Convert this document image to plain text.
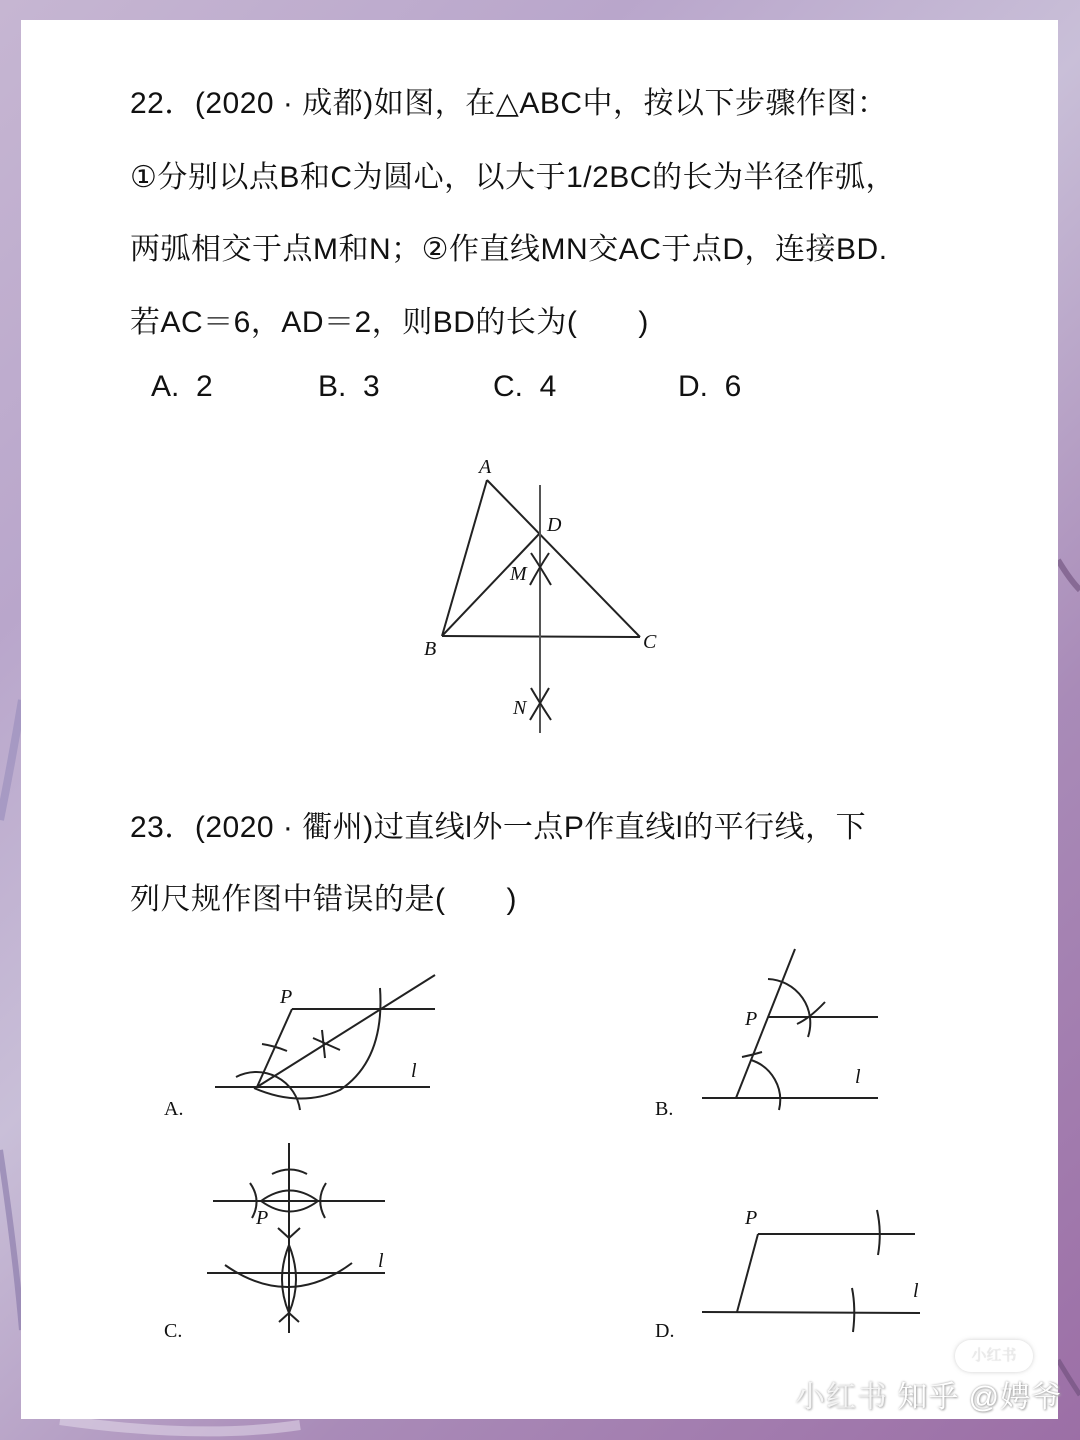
22．(2020 · 成都)如图，在△ABC中，按以下步骤作图：
①分别以点B和C为圆心，以大于1/2BC的长为半径作弧，
两弧相交于点M和N；②作直线MN交AC于点D，连接BD.
若AC＝6，AD＝2，则BD的长为(　　)
A. 2	B. 3	C. 4	D. 6
A
D
M
B	C
N
23．(2020 · 衢州)过直线l外一点P作直线l的平行线，下
列尺规作图中错误的是(　　)
P
l
A.
P
l
B.
P
l
C.
P
l
D.
小红书
小红书 知乎 @娉爷
